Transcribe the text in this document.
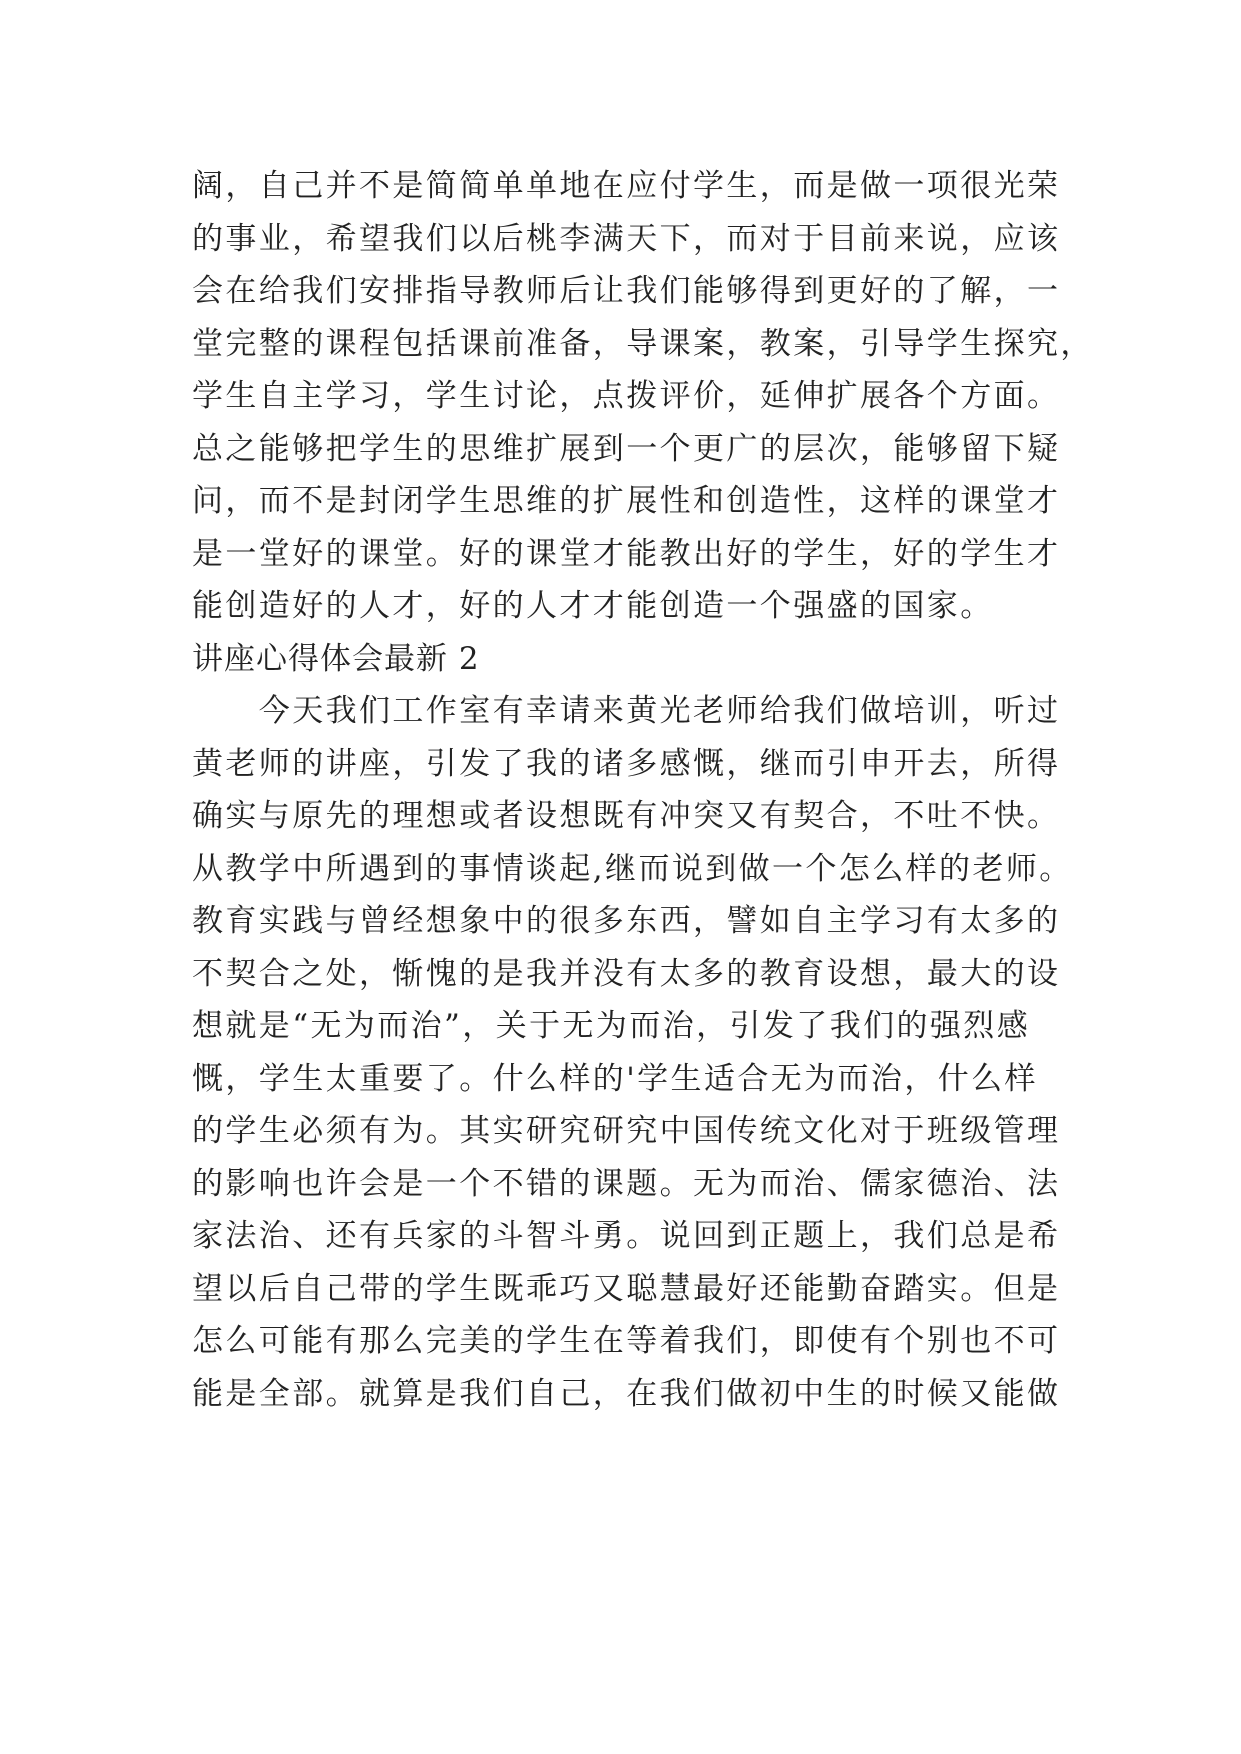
阔，自己并不是简简单单地在应付学生，而是做一项很光荣
的事业，希望我们以后桃李满天下，而对于目前来说，应该
会在给我们安排指导教师后让我们能够得到更好的了解，一
堂完整的课程包括课前准备，导课案，教案，引导学生探究，
学生自主学习，学生讨论，点拨评价，延伸扩展各个方面。
总之能够把学生的思维扩展到一个更广的层次，能够留下疑
问，而不是封闭学生思维的扩展性和创造性，这样的课堂才
是一堂好的课堂。好的课堂才能教出好的学生，好的学生才
能创造好的人才，好的人才才能创造一个强盛的国家。
讲座心得体会最新 2
　　今天我们工作室有幸请来黄光老师给我们做培训，听过
黄老师的讲座，引发了我的诸多感慨，继而引申开去，所得
确实与原先的理想或者设想既有冲突又有契合，不吐不快。
从教学中所遇到的事情谈起,继而说到做一个怎么样的老师。
教育实践与曾经想象中的很多东西，譬如自主学习有太多的
不契合之处，惭愧的是我并没有太多的教育设想，最大的设
想就是“无为而治”，关于无为而治，引发了我们的强烈感
慨，学生太重要了。什么样的'学生适合无为而治，什么样
的学生必须有为。其实研究研究中国传统文化对于班级管理
的影响也许会是一个不错的课题。无为而治、儒家德治、法
家法治、还有兵家的斗智斗勇。说回到正题上，我们总是希
望以后自己带的学生既乖巧又聪慧最好还能勤奋踏实。但是
怎么可能有那么完美的学生在等着我们，即使有个别也不可
能是全部。就算是我们自己，在我们做初中生的时候又能做
